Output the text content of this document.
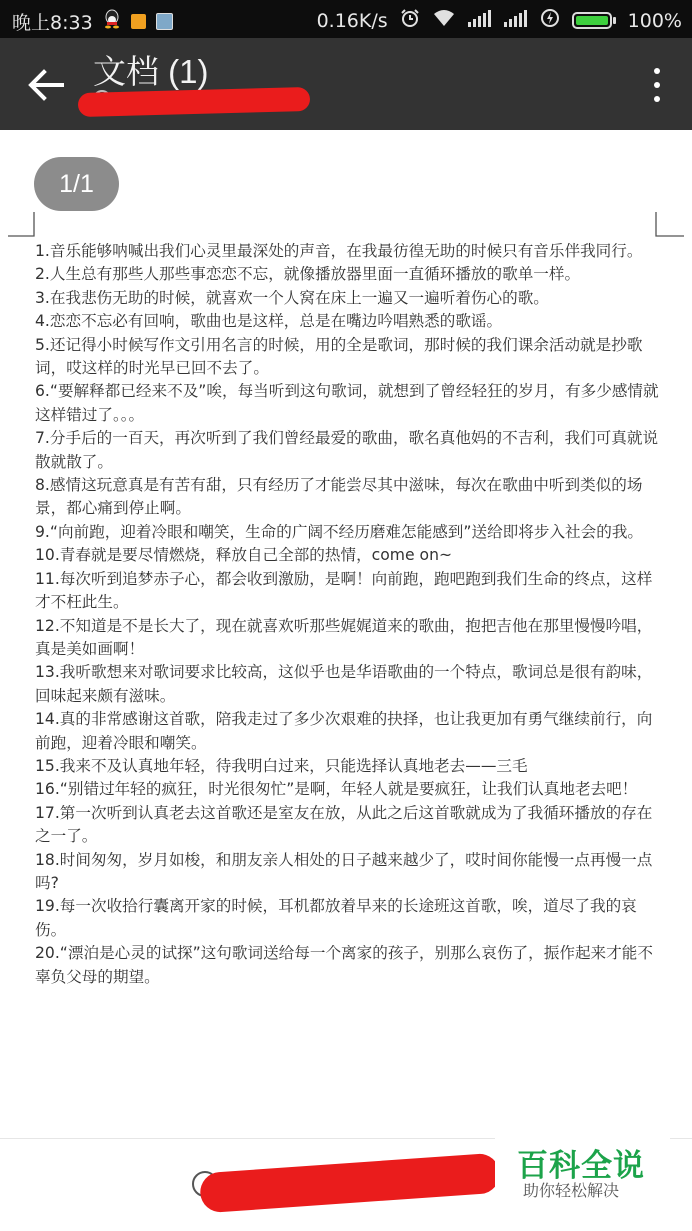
晚上8:33	0.16K/s	100%
文档 (1)
1/1

1.音乐能够呐喊出我们心灵里最深处的声音，在我最彷徨无助的时候只有音乐伴我同行。

2.人生总有那些人那些事恋恋不忘，就像播放器里面一直循环播放的歌单一样。

3.在我悲伤无助的时候，就喜欢一个人窝在床上一遍又一遍听着伤心的歌。

4.恋恋不忘必有回响，歌曲也是这样，总是在嘴边吟唱熟悉的歌谣。

5.还记得小时候写作文引用名言的时候，用的全是歌词，那时候的我们课余活动就是抄歌词，哎这样的时光早已回不去了。

6.“要解释都已经来不及”唉，每当听到这句歌词，就想到了曾经轻狂的岁月，有多少感情就这样错过了。。。

7.分手后的一百天，再次听到了我们曾经最爱的歌曲，歌名真他妈的不吉利，我们可真就说散就散了。

8.感情这玩意真是有苦有甜，只有经历了才能尝尽其中滋味，每次在歌曲中听到类似的场景，都心痛到停止啊。

9.“向前跑，迎着冷眼和嘲笑，生命的广阔不经历磨难怎能感到”送给即将步入社会的我。

10.青春就是要尽情燃烧，释放自己全部的热情，come on~

11.每次听到追梦赤子心，都会收到激励，是啊！向前跑，跑吧跑到我们生命的终点，这样才不枉此生。

12.不知道是不是长大了，现在就喜欢听那些娓娓道来的歌曲，抱把吉他在那里慢慢吟唱，真是美如画啊！

13.我听歌想来对歌词要求比较高，这似乎也是华语歌曲的一个特点，歌词总是很有韵味，回味起来颇有滋味。

14.真的非常感谢这首歌，陪我走过了多少次艰难的抉择，也让我更加有勇气继续前行，向前跑，迎着冷眼和嘲笑。

15.我来不及认真地年轻，待我明白过来，只能选择认真地老去——三毛

16.“别错过年轻的疯狂，时光很匆忙”是啊，年轻人就是要疯狂，让我们认真地老去吧！

17.第一次听到认真老去这首歌还是室友在放，从此之后这首歌就成为了我循环播放的存在之一了。

18.时间匆匆，岁月如梭，和朋友亲人相处的日子越来越少了，哎时间你能慢一点再慢一点吗?

19.每一次收拾行囊离开家的时候，耳机都放着早来的长途班这首歌，唉，道尽了我的哀伤。

20.“漂泊是心灵的试探”这句歌词送给每一个离家的孩子，别那么哀伤了，振作起来才能不辜负父母的期望。

百科全说
助你轻松解决
